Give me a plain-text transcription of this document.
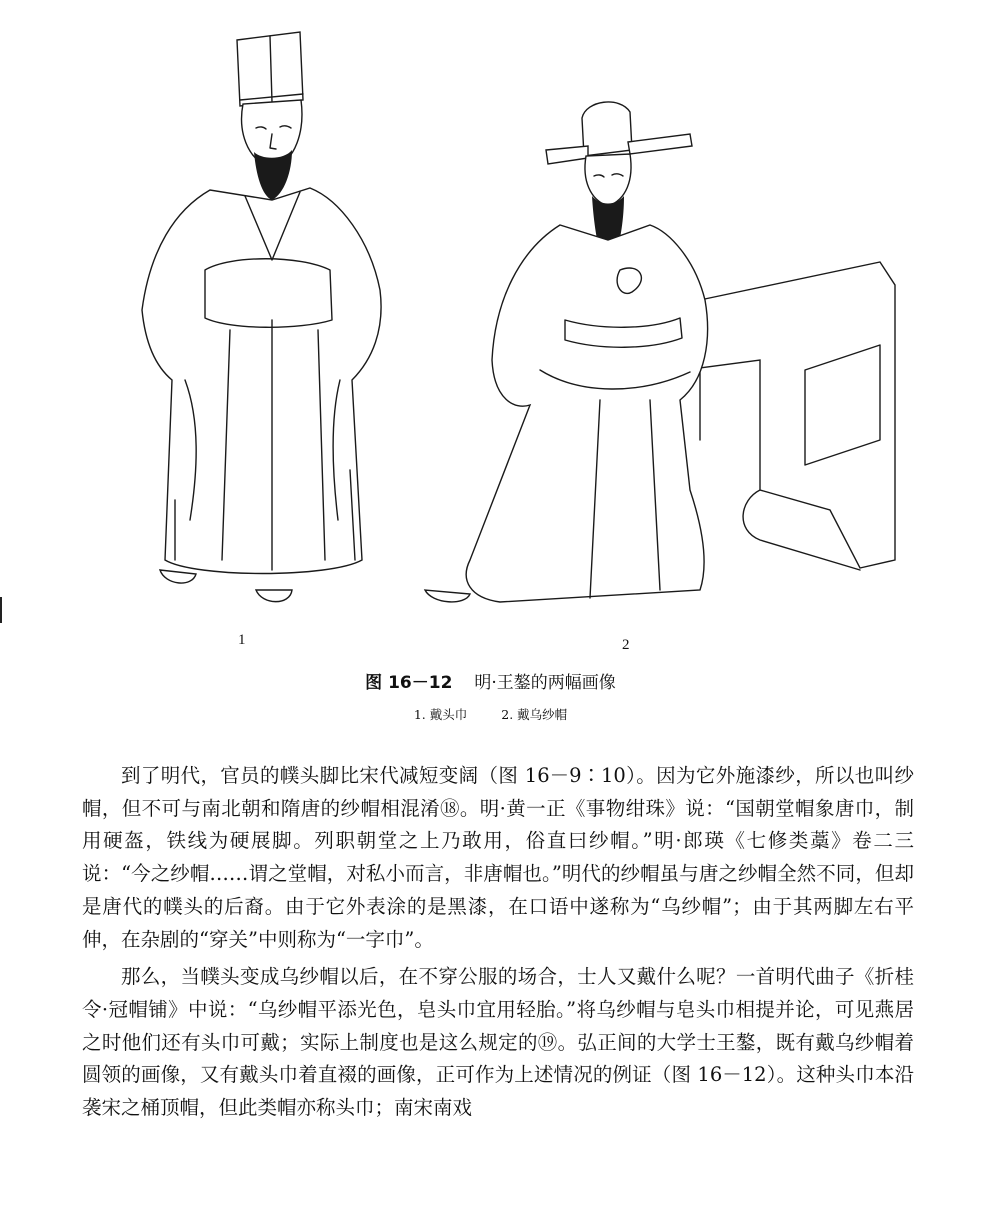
1	2
图 16－12 明·王鏊的两幅画像
1. 戴头巾	2. 戴乌纱帽

到了明代，官员的幞头脚比宋代减短变阔（图 16－9∶10）。因为它外施漆纱，所以也叫纱帽，但不可与南北朝和隋唐的纱帽相混淆⑱。明·黄一正《事物绀珠》说：“国朝堂帽象唐巾，制用硬盔，铁线为硬展脚。列职朝堂之上乃敢用，俗直曰纱帽。”明·郎瑛《七修类藁》卷二三说：“今之纱帽……谓之堂帽，对私小而言，非唐帽也。”明代的纱帽虽与唐之纱帽全然不同，但却是唐代的幞头的后裔。由于它外表涂的是黑漆，在口语中遂称为“乌纱帽”；由于其两脚左右平伸，在杂剧的“穿关”中则称为“一字巾”。

那么，当幞头变成乌纱帽以后，在不穿公服的场合，士人又戴什么呢？一首明代曲子《折桂令·冠帽铺》中说：“乌纱帽平添光色，皂头巾宜用轻胎。”将乌纱帽与皂头巾相提并论，可见燕居之时他们还有头巾可戴；实际上制度也是这么规定的⑲。弘正间的大学士王鏊，既有戴乌纱帽着圆领的画像，又有戴头巾着直裰的画像，正可作为上述情况的例证（图 16－12）。这种头巾本沿袭宋之桶顶帽，但此类帽亦称头巾；南宋南戏
